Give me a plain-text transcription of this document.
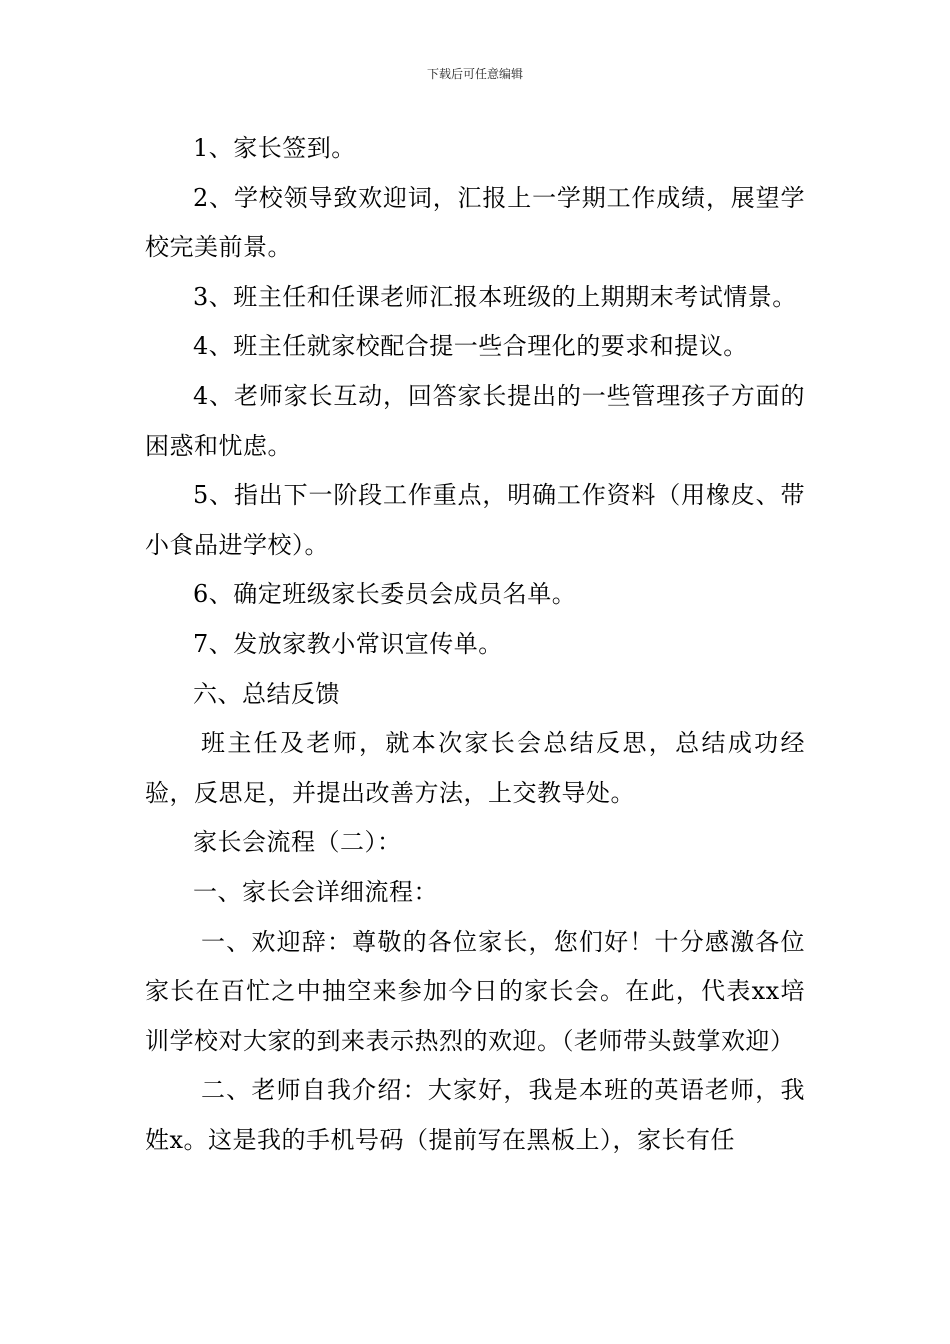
下载后可任意编辑

1、家长签到。

2、学校领导致欢迎词，汇报上一学期工作成绩，展望学校完美前景。

3、班主任和任课老师汇报本班级的上期期末考试情景。

4、班主任就家校配合提一些合理化的要求和提议。

4、老师家长互动，回答家长提出的一些管理孩子方面的困惑和忧虑。

5、指出下一阶段工作重点，明确工作资料（用橡皮、带小食品进学校）。

6、确定班级家长委员会成员名单。

7、发放家教小常识宣传单。

六、总结反馈

班主任及老师，就本次家长会总结反思，总结成功经验，反思足，并提出改善方法，上交教导处。

家长会流程（二）：

一、家长会详细流程：

一、欢迎辞：尊敬的各位家长，您们好！十分感激各位家长在百忙之中抽空来参加今日的家长会。在此，代表xx培训学校对大家的到来表示热烈的欢迎。（老师带头鼓掌欢迎）

二、老师自我介绍：大家好，我是本班的英语老师，我姓x。这是我的手机号码（提前写在黑板上），家长有任
